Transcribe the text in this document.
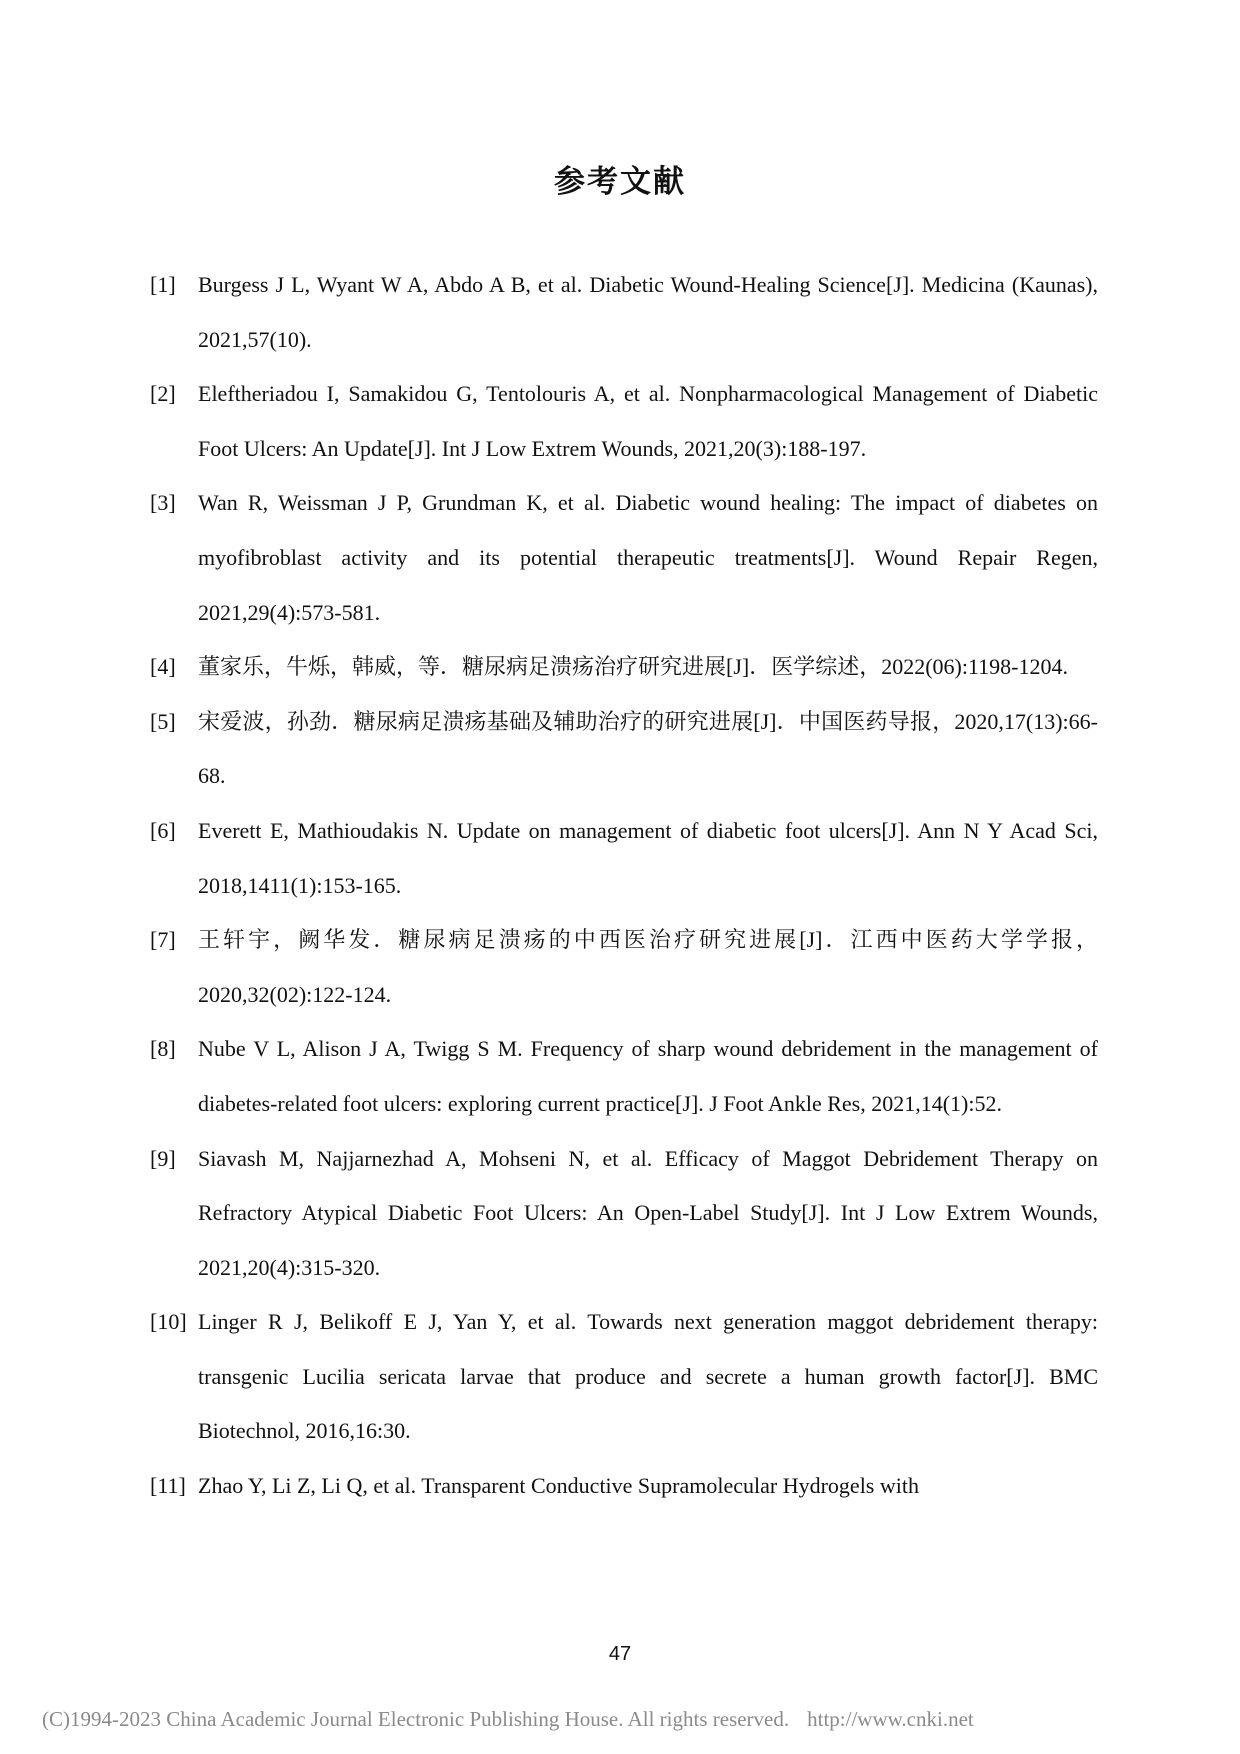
参考文献
[1]	Burgess J L, Wyant W A, Abdo A B, et al. Diabetic Wound-Healing Science[J]. Medicina (Kaunas), 2021,57(10).
[2]	Eleftheriadou I, Samakidou G, Tentolouris A, et al. Nonpharmacological Management of Diabetic Foot Ulcers: An Update[J]. Int J Low Extrem Wounds, 2021,20(3):188-197.
[3]	Wan R, Weissman J P, Grundman K, et al. Diabetic wound healing: The impact of diabetes on myofibroblast activity and its potential therapeutic treatments[J]. Wound Repair Regen, 2021,29(4):573-581.
[4]	董家乐，牛烁，韩威，等．糖尿病足溃疡治疗研究进展[J]．医学综述，2022(06):1198-1204.
[5]	宋爱波，孙劲．糖尿病足溃疡基础及辅助治疗的研究进展[J]．中国医药导报，2020,17(13):66-68.
[6]	Everett E, Mathioudakis N. Update on management of diabetic foot ulcers[J]. Ann N Y Acad Sci, 2018,1411(1):153-165.
[7]	王轩宇，阙华发．糖尿病足溃疡的中西医治疗研究进展[J]．江西中医药大学学报，2020,32(02):122-124.
[8]	Nube V L, Alison J A, Twigg S M. Frequency of sharp wound debridement in the management of diabetes-related foot ulcers: exploring current practice[J]. J Foot Ankle Res, 2021,14(1):52.
[9]	Siavash M, Najjarnezhad A, Mohseni N, et al. Efficacy of Maggot Debridement Therapy on Refractory Atypical Diabetic Foot Ulcers: An Open-Label Study[J]. Int J Low Extrem Wounds, 2021,20(4):315-320.
[10] Linger R J, Belikoff E J, Yan Y, et al. Towards next generation maggot debridement therapy: transgenic Lucilia sericata larvae that produce and secrete a human growth factor[J]. BMC Biotechnol, 2016,16:30.
[11] Zhao Y, Li Z, Li Q, et al. Transparent Conductive Supramolecular Hydrogels with
47
(C)1994-2023 China Academic Journal Electronic Publishing House. All rights reserved. http://www.cnki.net
